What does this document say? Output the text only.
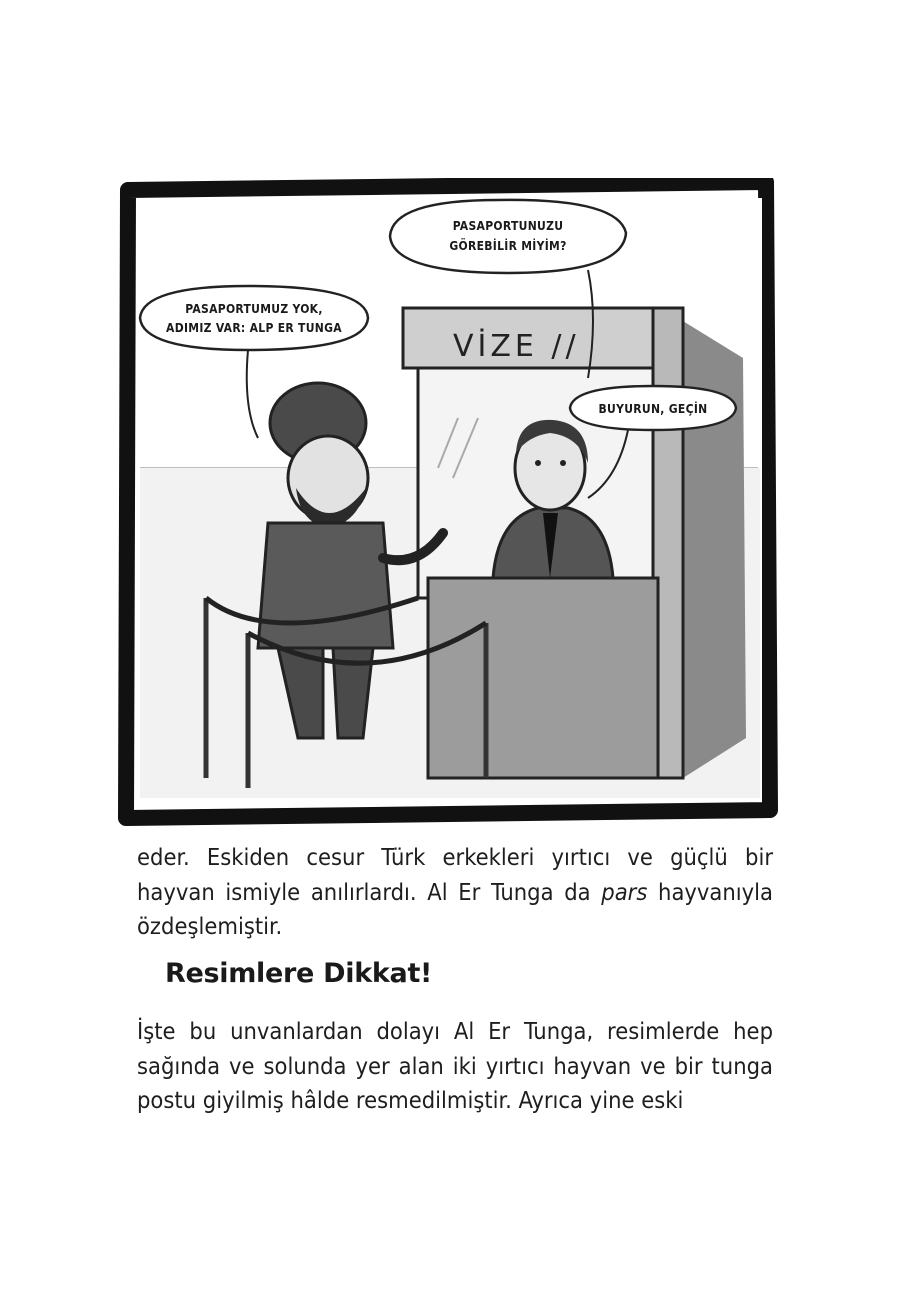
VİZE //
PASAPORTUNUZU
GÖREBİLİR MİYİM?
PASAPORTUMUZ YOK,
ADIMIZ VAR: ALP ER TUNGA
BUYURUN, GEÇİN

eder. Eskiden cesur Türk erkekleri yırtıcı ve güçlü bir hayvan ismiyle anılırlardı. Al Er Tunga da pars hayvanıyla özdeşlemiştir.

Resimlere Dikkat!

İşte bu unvanlardan dolayı Al Er Tunga, resimlerde hep sağında ve solunda yer alan iki yırtıcı hayvan ve bir tunga postu giyilmiş hâlde resmedilmiştir. Ayrıca yine eski
